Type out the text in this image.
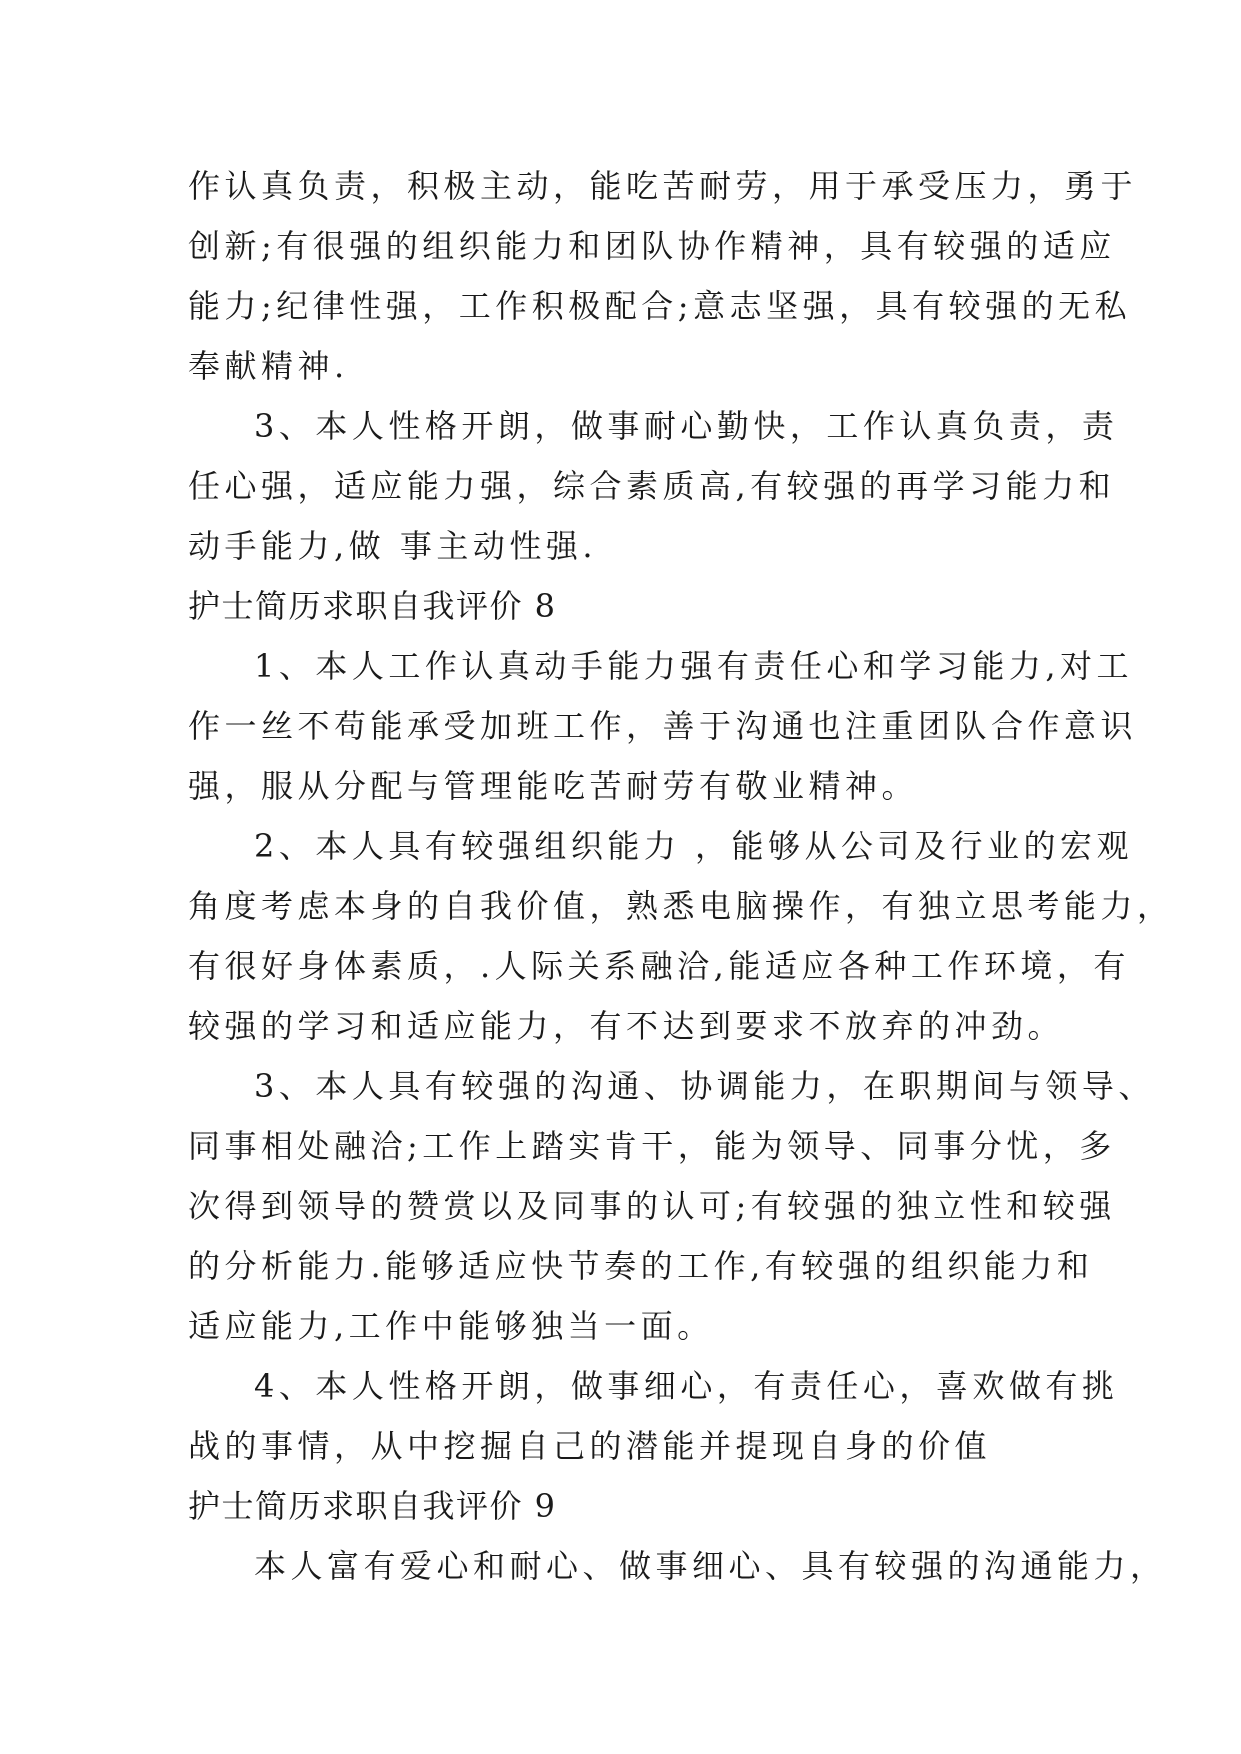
作认真负责，积极主动，能吃苦耐劳，用于承受压力，勇于
创新;有很强的组织能力和团队协作精神，具有较强的适应
能力;纪律性强，工作积极配合;意志坚强，具有较强的无私
奉献精神.
3、本人性格开朗，做事耐心勤快，工作认真负责，责
任心强，适应能力强，综合素质高,有较强的再学习能力和
动手能力,做 事主动性强.
护士简历求职自我评价 8
1、本人工作认真动手能力强有责任心和学习能力,对工
作一丝不苟能承受加班工作，善于沟通也注重团队合作意识
强，服从分配与管理能吃苦耐劳有敬业精神。
2、本人具有较强组织能力 ，能够从公司及行业的宏观
角度考虑本身的自我价值，熟悉电脑操作，有独立思考能力，
有很好身体素质，.人际关系融洽,能适应各种工作环境，有
较强的学习和适应能力，有不达到要求不放弃的冲劲。
3、本人具有较强的沟通、协调能力，在职期间与领导、
同事相处融洽;工作上踏实肯干，能为领导、同事分忧，多
次得到领导的赞赏以及同事的认可;有较强的独立性和较强
的分析能力.能够适应快节奏的工作,有较强的组织能力和
适应能力,工作中能够独当一面。
4、本人性格开朗，做事细心，有责任心，喜欢做有挑
战的事情，从中挖掘自己的潜能并提现自身的价值
护士简历求职自我评价 9
本人富有爱心和耐心、做事细心、具有较强的沟通能力，
